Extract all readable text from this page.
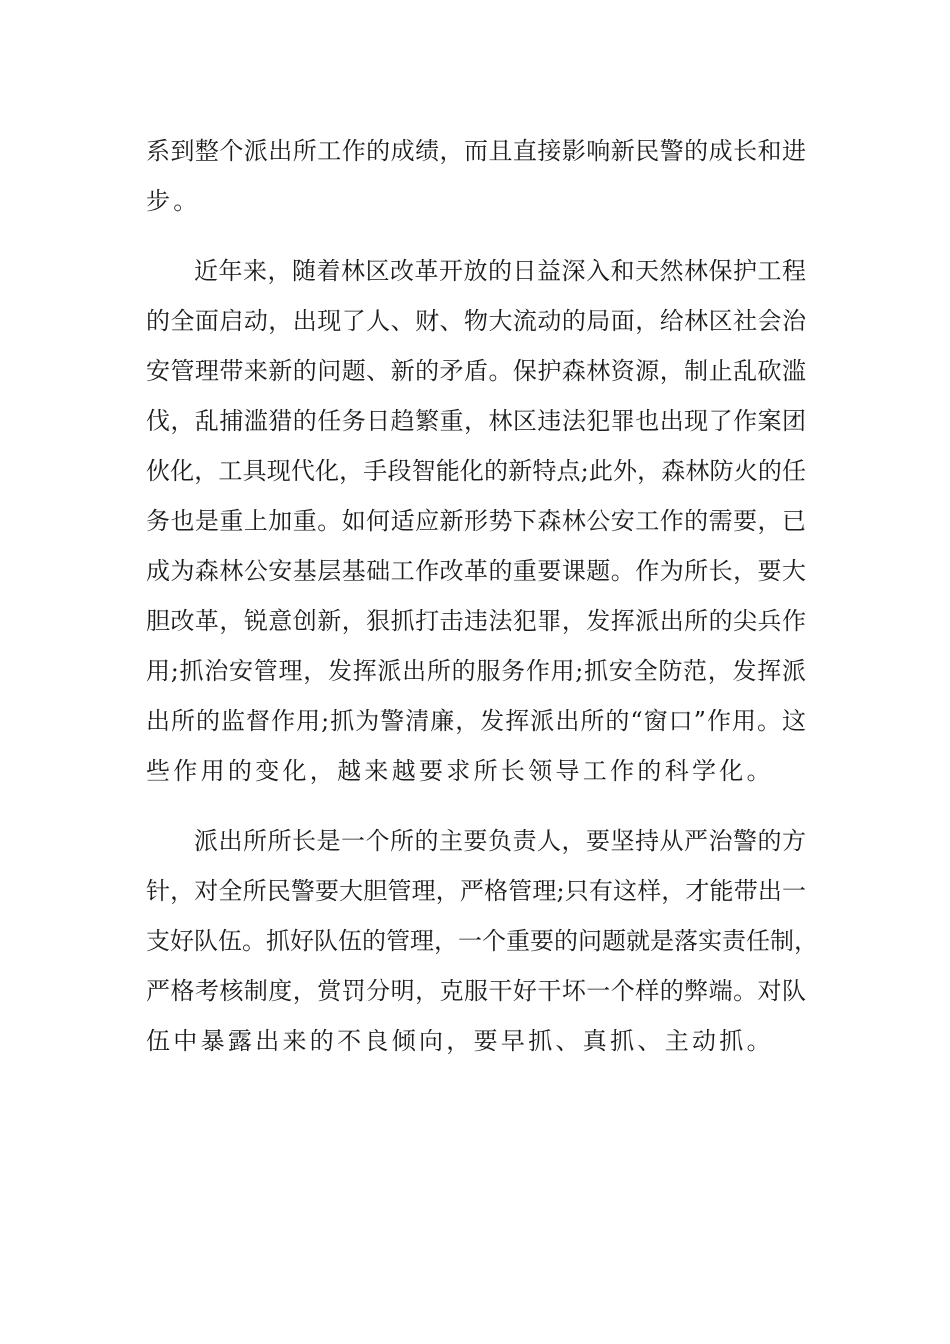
系到整个派出所工作的成绩，而且直接影响新民警的成长和进
步。
近年来，随着林区改革开放的日益深入和天然林保护工程
的全面启动，出现了人、财、物大流动的局面，给林区社会治
安管理带来新的问题、新的矛盾。保护森林资源，制止乱砍滥
伐，乱捕滥猎的任务日趋繁重，林区违法犯罪也出现了作案团
伙化，工具现代化，手段智能化的新特点;此外，森林防火的任
务也是重上加重。如何适应新形势下森林公安工作的需要，已
成为森林公安基层基础工作改革的重要课题。作为所长，要大
胆改革，锐意创新，狠抓打击违法犯罪，发挥派出所的尖兵作
用;抓治安管理，发挥派出所的服务作用;抓安全防范，发挥派
出所的监督作用;抓为警清廉，发挥派出所的“窗口”作用。这
些作用的变化，越来越要求所长领导工作的科学化。
派出所所长是一个所的主要负责人，要坚持从严治警的方
针，对全所民警要大胆管理，严格管理;只有这样，才能带出一
支好队伍。抓好队伍的管理，一个重要的问题就是落实责任制，
严格考核制度，赏罚分明，克服干好干坏一个样的弊端。对队
伍中暴露出来的不良倾向，要早抓、真抓、主动抓。
